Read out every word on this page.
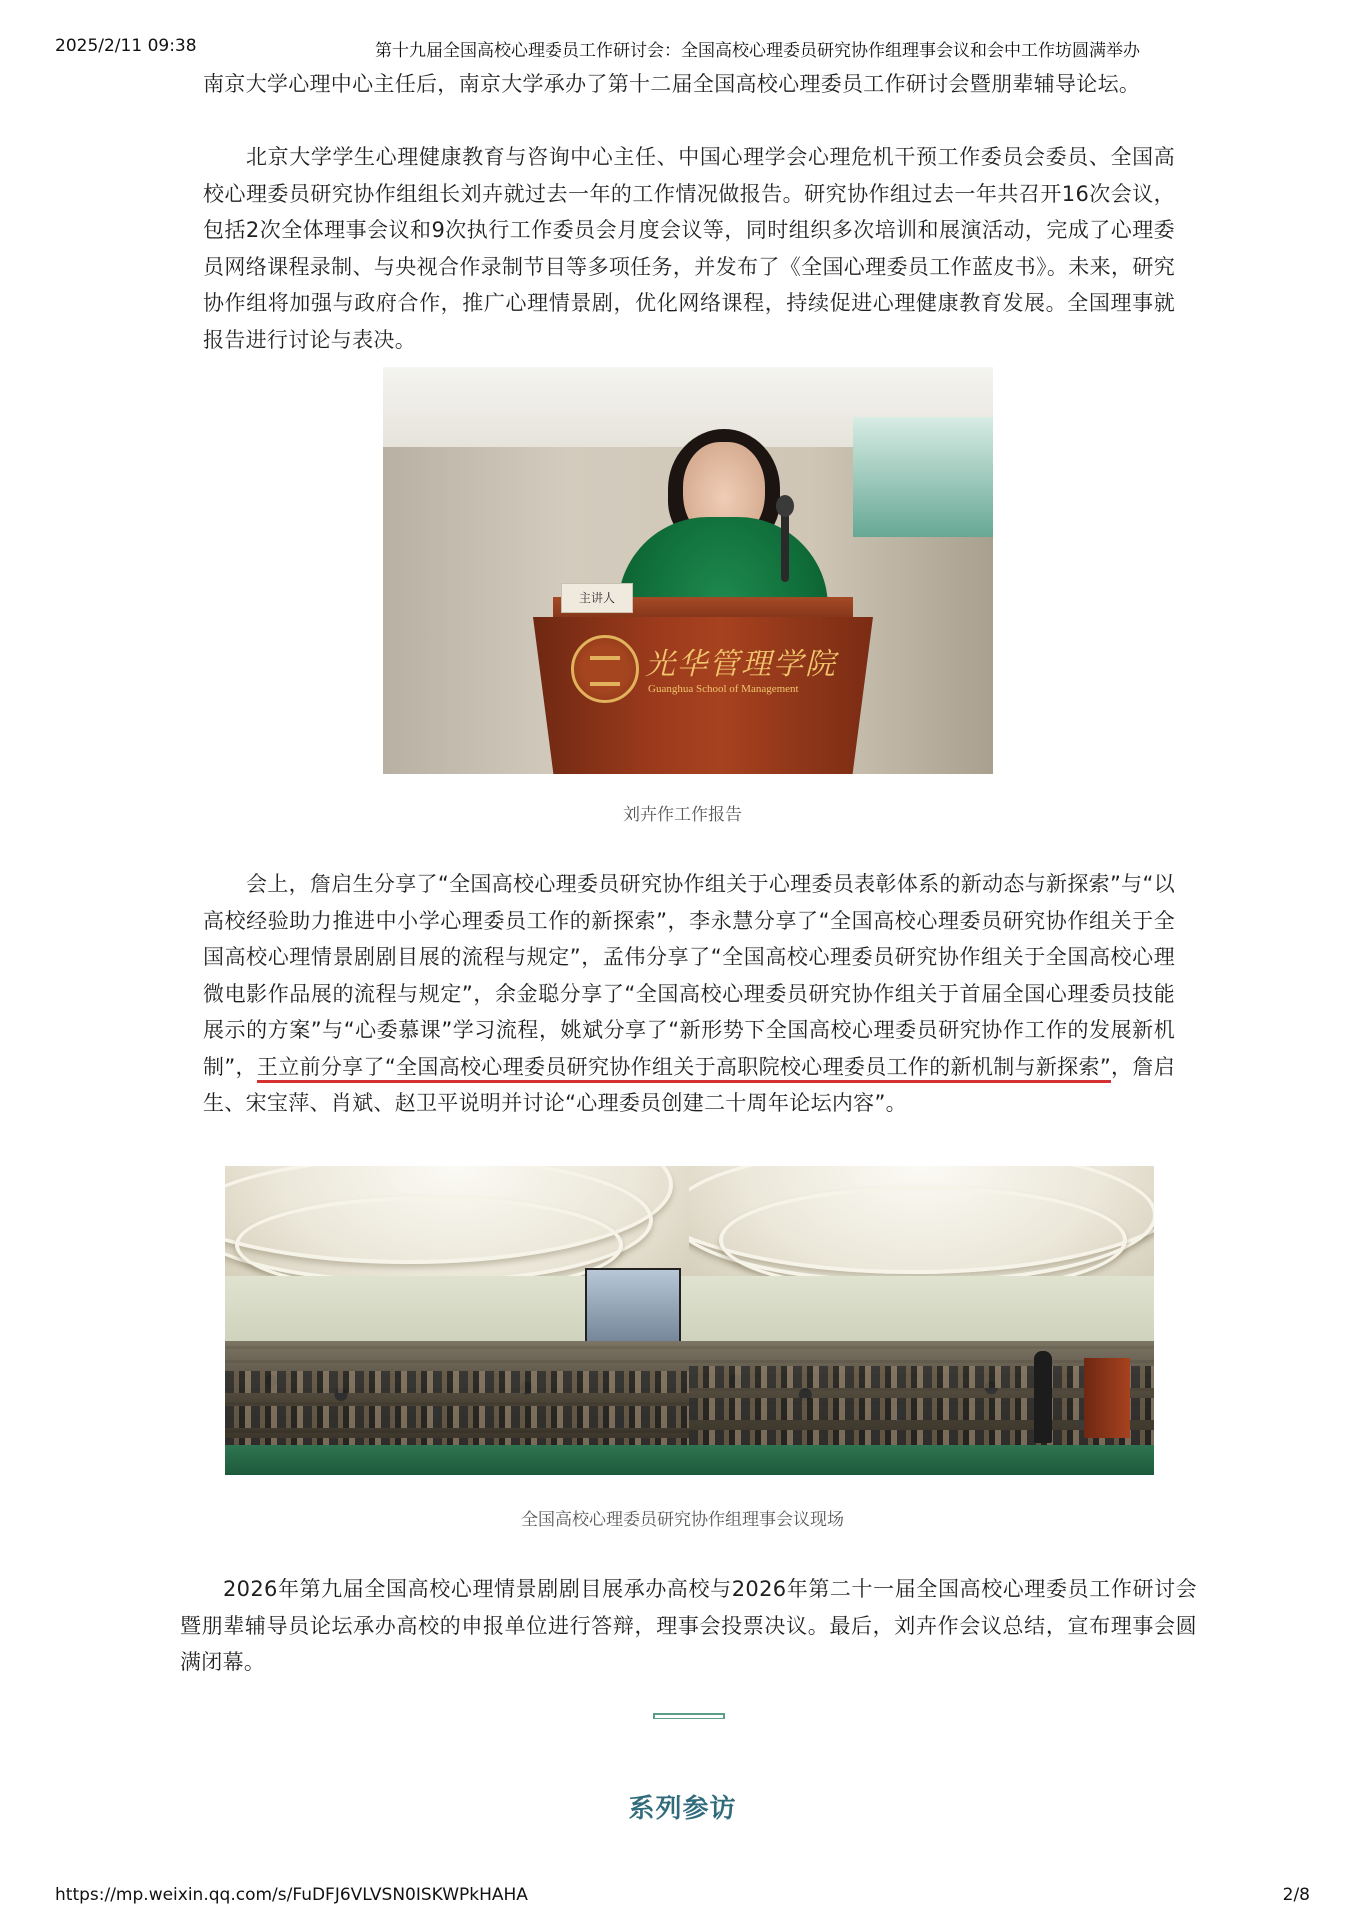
2025/2/11 09:38	第十九届全国高校心理委员工作研讨会：全国高校心理委员研究协作组理事会议和会中工作坊圆满举办

南京大学心理中心主任后，南京大学承办了第十二届全国高校心理委员工作研讨会暨朋辈辅导论坛。

北京大学学生心理健康教育与咨询中心主任、中国心理学会心理危机干预工作委员会委员、全国高校心理委员研究协作组组长刘卉就过去一年的工作情况做报告。研究协作组过去一年共召开16次会议，包括2次全体理事会议和9次执行工作委员会月度会议等，同时组织多次培训和展演活动，完成了心理委员网络课程录制、与央视合作录制节目等多项任务，并发布了《全国心理委员工作蓝皮书》。未来，研究协作组将加强与政府合作，推广心理情景剧，优化网络课程，持续促进心理健康教育发展。全国理事就报告进行讨论与表决。

主讲人
光华管理学院
Guanghua School of Management
刘卉作工作报告

会上，詹启生分享了“全国高校心理委员研究协作组关于心理委员表彰体系的新动态与新探索”与“以高校经验助力推进中小学心理委员工作的新探索”，李永慧分享了“全国高校心理委员研究协作组关于全国高校心理情景剧剧目展的流程与规定”，孟伟分享了“全国高校心理委员研究协作组关于全国高校心理微电影作品展的流程与规定”，余金聪分享了“全国高校心理委员研究协作组关于首届全国心理委员技能展示的方案”与“心委慕课”学习流程，姚斌分享了“新形势下全国高校心理委员研究协作工作的发展新机制”，王立前分享了“全国高校心理委员研究协作组关于高职院校心理委员工作的新机制与新探索”，詹启生、宋宝萍、肖斌、赵卫平说明并讨论“心理委员创建二十周年论坛内容”。

全国高校心理委员研究协作组理事会议现场

2026年第九届全国高校心理情景剧剧目展承办高校与2026年第二十一届全国高校心理委员工作研讨会暨朋辈辅导员论坛承办高校的申报单位进行答辩，理事会投票决议。最后，刘卉作会议总结，宣布理事会圆满闭幕。

系列参访
https://mp.weixin.qq.com/s/FuDFJ6VLVSN0ISKWPkHAHA	2/8
